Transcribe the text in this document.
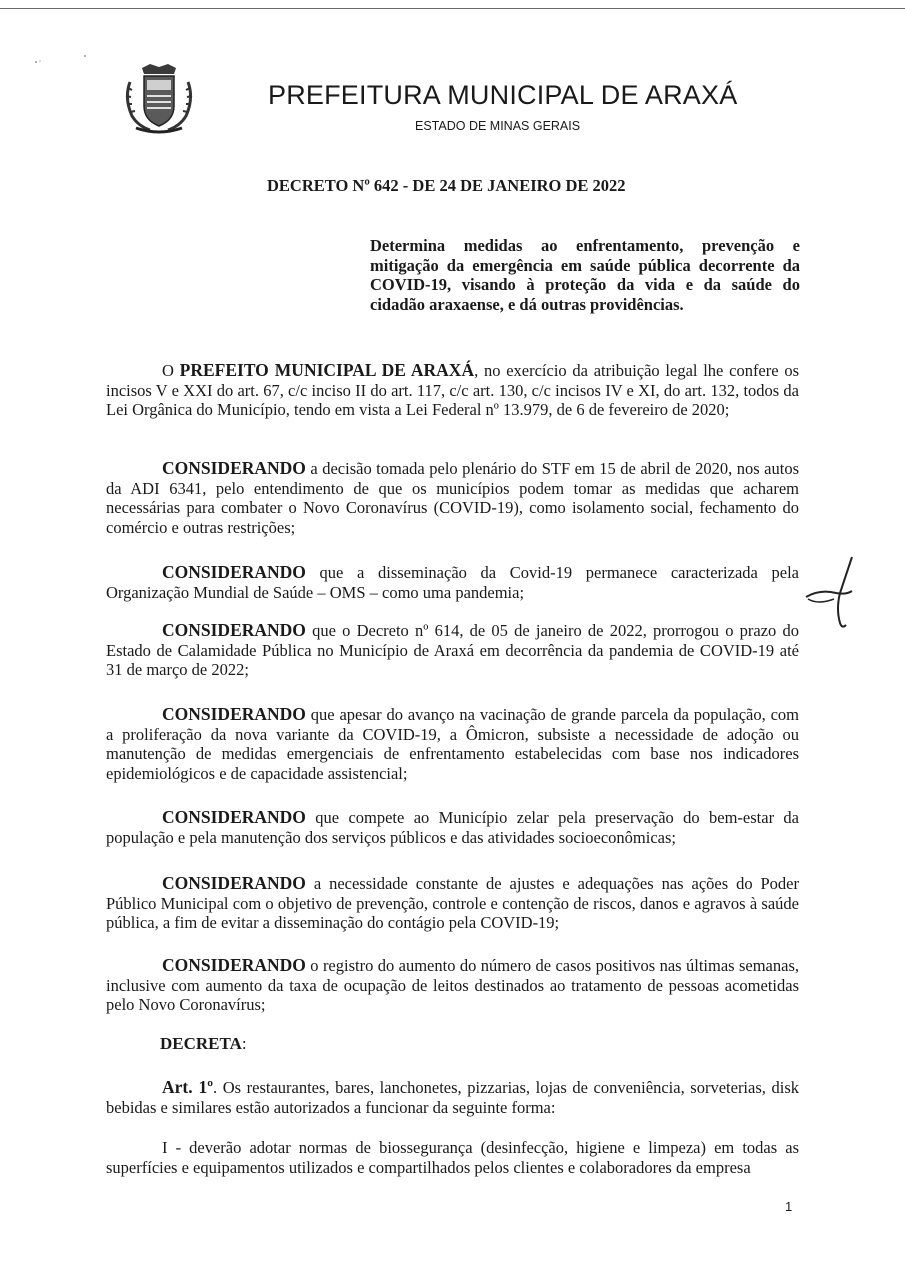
PREFEITURA MUNICIPAL DE ARAXÁ
ESTADO DE MINAS GERAIS
DECRETO Nº 642 - DE 24 DE JANEIRO DE 2022
Determina medidas ao enfrentamento, prevenção e mitigação da emergência em saúde pública decorrente da COVID-19, visando à proteção da vida e da saúde do cidadão araxaense, e dá outras providências.
O PREFEITO MUNICIPAL DE ARAXÁ, no exercício da atribuição legal lhe confere os incisos V e XXI do art. 67, c/c inciso II do art. 117, c/c art. 130, c/c incisos IV e XI, do art. 132, todos da Lei Orgânica do Município, tendo em vista a Lei Federal nº 13.979, de 6 de fevereiro de 2020;
CONSIDERANDO a decisão tomada pelo plenário do STF em 15 de abril de 2020, nos autos da ADI 6341, pelo entendimento de que os municípios podem tomar as medidas que acharem necessárias para combater o Novo Coronavírus (COVID-19), como isolamento social, fechamento do comércio e outras restrições;
CONSIDERANDO que a disseminação da Covid-19 permanece caracterizada pela Organização Mundial de Saúde – OMS – como uma pandemia;
CONSIDERANDO que o Decreto nº 614, de 05 de janeiro de 2022, prorrogou o prazo do Estado de Calamidade Pública no Município de Araxá em decorrência da pandemia de COVID-19 até 31 de março de 2022;
CONSIDERANDO que apesar do avanço na vacinação de grande parcela da população, com a proliferação da nova variante da COVID-19, a Ômicron, subsiste a necessidade de adoção ou manutenção de medidas emergenciais de enfrentamento estabelecidas com base nos indicadores epidemiológicos e de capacidade assistencial;
CONSIDERANDO que compete ao Município zelar pela preservação do bem-estar da população e pela manutenção dos serviços públicos e das atividades socioeconômicas;
CONSIDERANDO a necessidade constante de ajustes e adequações nas ações do Poder Público Municipal com o objetivo de prevenção, controle e contenção de riscos, danos e agravos à saúde pública, a fim de evitar a disseminação do contágio pela COVID-19;
CONSIDERANDO o registro do aumento do número de casos positivos nas últimas semanas, inclusive com aumento da taxa de ocupação de leitos destinados ao tratamento de pessoas acometidas pelo Novo Coronavírus;
DECRETA:
Art. 1º. Os restaurantes, bares, lanchonetes, pizzarias, lojas de conveniência, sorveterias, disk bebidas e similares estão autorizados a funcionar da seguinte forma:
I - deverão adotar normas de biossegurança (desinfecção, higiene e limpeza) em todas as superfícies e equipamentos utilizados e compartilhados pelos clientes e colaboradores da empresa
1
